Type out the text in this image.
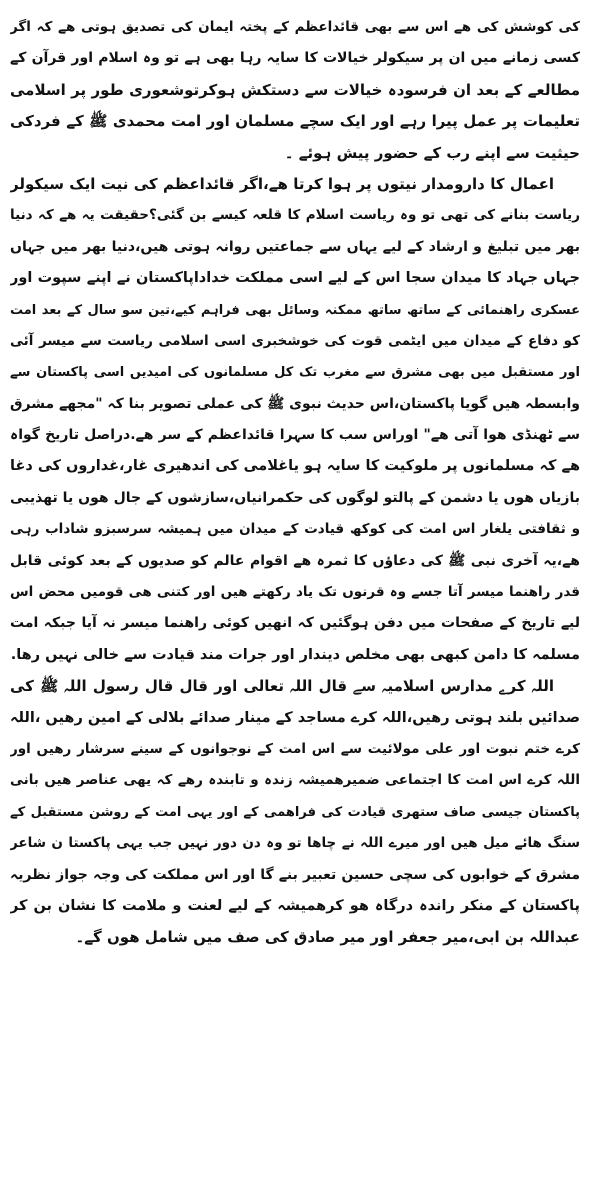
کی کوشش کی ھے اس سے بھی قائداعظم کے پختہ ایمان کی تصدیق ہوتی ھے کہ اگر
کسی زمانے میں ان پر سیکولر خیالات کا سایہ رہا بھی ہے تو وہ اسلام اور قرآن کے
مطالعے کے بعد ان فرسودہ خیالات سے دستکش ہوکرتوشعوری طور پر اسلامی
تعلیمات پر عمل پیرا رہے اور ایک سچے مسلمان اور امت محمدی ﷺ کے فردکی
حیثیت سے اپنے رب کے حضور پیش ہوئے ۔
اعمال کا دارومدار نیتوں پر ہوا کرتا ھے،اگر قائداعظم کی نیت ایک سیکولر
ریاست بنانے کی تھی تو وہ ریاست اسلام کا قلعہ کیسے بن گئی؟حقیقت یہ ھے کہ دنیا
بھر میں تبلیغ و ارشاد کے لیے یہاں سے جماعتیں روانہ ہوتی ھیں،دنیا بھر میں جہاں
جہاں جہاد کا میدان سجا اس کے لیے اسی مملکت خداداپاکستان نے اپنے سپوت اور
عسکری راھنمائی کے ساتھ ساتھ ممکنہ وسائل بھی فراہم کیے،تین سو سال کے بعد امت
کو دفاع کے میدان میں ایٹمی قوت کی خوشخبری اسی اسلامی ریاست سے میسر آئی
اور مستقبل میں بھی مشرق سے مغرب تک کل مسلمانوں کی امیدیں اسی پاکستان سے
وابسطہ ھیں گویا پاکستان،اس حدیث نبوی ﷺ کی عملی تصویر بنا کہ "مجھے مشرق
سے ٹھنڈی ھوا آتی ھے" اوراس سب کا سہرا قائداعظم کے سر ھے.دراصل تاریخ گواہ
ھے کہ مسلمانوں پر ملوکیت کا سایہ ہو یاغلامی کی اندھیری غار،غداروں کی دغا
بازیاں ھوں یا دشمن کے پالتو لوگوں کی حکمرانیاں،سازشوں کے جال ھوں یا تھذیبی
و ثقافتی یلغار اس امت کی کوکھ قیادت کے میدان میں ہمیشہ سرسبزو شاداب رہی
ھے،یہ آخری نبی ﷺ کی دعاؤں کا ثمرہ ھے اقوام عالم کو صدیوں کے بعد کوئی قابل
قدر راھنما میسر آتا جسے وہ قرنوں تک یاد رکھتے ھیں اور کتنی ھی قومیں محض اس
لیے تاریخ کے صفحات میں دفن ہوگئیں کہ انھیں کوئی راھنما میسر نہ آیا جبکہ امت
مسلمہ کا دامن کبھی بھی مخلص دیندار اور جرات مند قیادت سے خالی نہیں رھا.
اللہ کرے مدارس اسلامیہ سے قال اللہ تعالی اور قال قال رسول اللہ ﷺ کی
صدائیں بلند ہوتی رھیں،اللہ کرے مساجد کے مینار صدائے بلالی کے امین رھیں ،اللہ
کرے ختم نبوت اور علی مولائیت سے اس امت کے نوجوانوں کے سینے سرشار رھیں اور
اللہ کرے اس امت کا اجتماعی ضمیرھمیشہ زندہ و تابندہ رھے کہ یھی عناصر ھیں بانی
پاکستان جیسی صاف ستھری قیادت کی فراھمی کے اور یہی امت کے روشن مستقبل کے
سنگ ھائے میل ھیں اور میرے اللہ نے چاھا تو وہ دن دور نہیں جب یہی پاکستا ن شاعر
مشرق کے خوابوں کی سچی حسین تعبیر بنے گا اور اس مملکت کی وجہ جواز نظریہ
پاکستان کے منکر راندہ درگاہ ھو کرھمیشہ کے لیے لعنت و ملامت کا نشان بن کر
عبداللہ بن ابی،میر جعفر اور میر صادق کی صف میں شامل ھوں گے۔
